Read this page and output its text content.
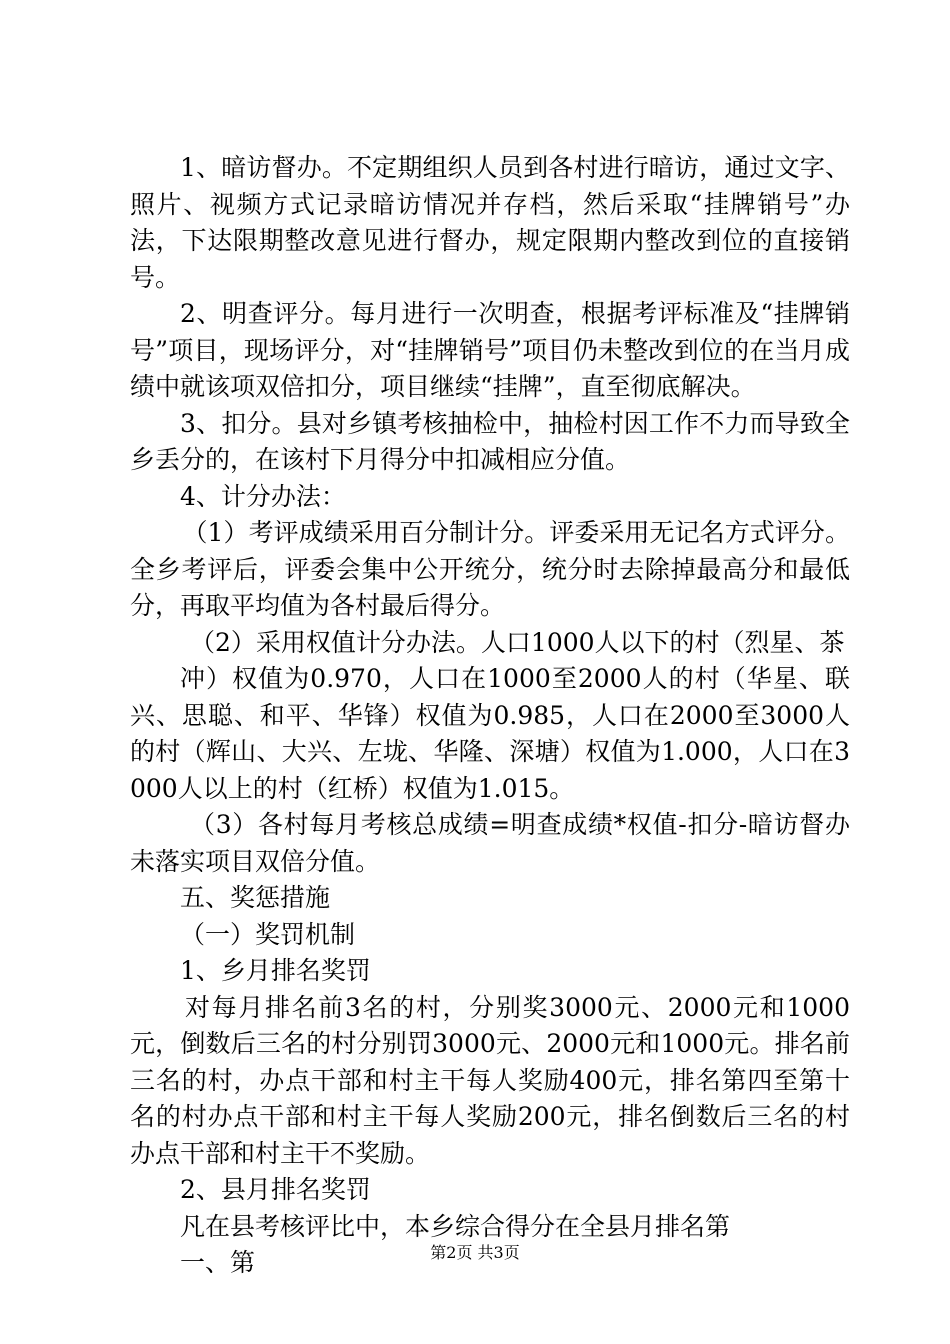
1、暗访督办。不定期组织人员到各村进行暗访，通过文字、照片、视频方式记录暗访情况并存档，然后采取“挂牌销号”办法，下达限期整改意见进行督办，规定限期内整改到位的直接销号。

2、明查评分。每月进行一次明查，根据考评标准及“挂牌销号”项目，现场评分，对“挂牌销号”项目仍未整改到位的在当月成绩中就该项双倍扣分，项目继续“挂牌”，直至彻底解决。

3、扣分。县对乡镇考核抽检中，抽检村因工作不力而导致全乡丢分的，在该村下月得分中扣减相应分值。

4、计分办法：

（1）考评成绩采用百分制计分。评委采用无记名方式评分。全乡考评后，评委会集中公开统分，统分时去除掉最高分和最低分，再取平均值为各村最后得分。

（2）采用权值计分办法。人口1000人以下的村（烈星、茶

冲）权值为0.970，人口在1000至2000人的村（华星、联兴、思聪、和平、华锋）权值为0.985，人口在2000至3000人的村（辉山、大兴、左垅、华隆、深塘）权值为1.000，人口在3000人以上的村（红桥）权值为1.015。

（3）各村每月考核总成绩=明查成绩*权值-扣分-暗访督办未落实项目双倍分值。

五、奖惩措施

（一）奖罚机制

1、乡月排名奖罚

对每月排名前3名的村，分别奖3000元、2000元和1000元，倒数后三名的村分别罚3000元、2000元和1000元。排名前三名的村，办点干部和村主干每人奖励400元，排名第四至第十名的村办点干部和村主干每人奖励200元，排名倒数后三名的村办点干部和村主干不奖励。

2、县月排名奖罚

凡在县考核评比中，本乡综合得分在全县月排名第

一、第	第2页 共3页
